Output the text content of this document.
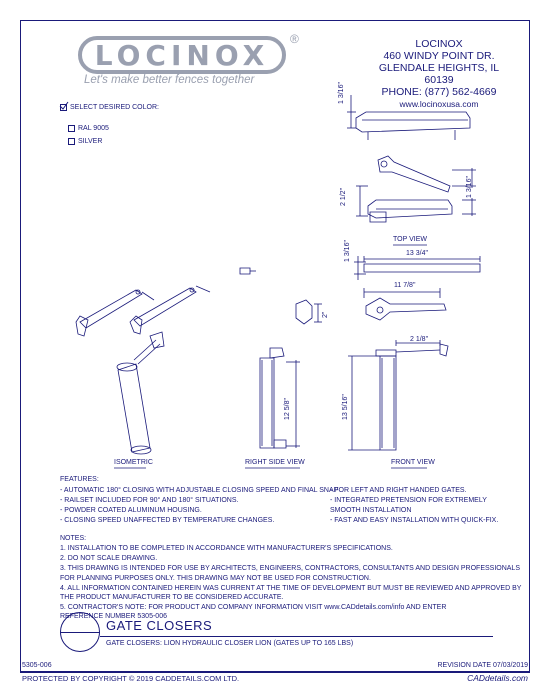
LOCINOX ®
Let's make better fences together
LOCINOX
460 WINDY POINT DR.
GLENDALE HEIGHTS, IL 60139
PHONE: (877) 562-4669
www.locinoxusa.com
SELECT DESIRED COLOR:
RAL 9005
SILVER
1 3/16"
2 1/2"	1 3/16"
1 3/16"	13 3/4"
11 7/8"
2"
12 5/8"
2 1/8"
13 5/16"
TOP VIEW
ISOMETRIC	RIGHT SIDE VIEW	FRONT VIEW
FEATURES:
- AUTOMATIC 180° CLOSING WITH ADJUSTABLE CLOSING SPEED AND FINAL SNAP
- RAILSET INCLUDED FOR 90° AND 180° SITUATIONS.
- POWDER COATED ALUMINUM HOUSING.
- CLOSING SPEED UNAFFECTED BY TEMPERATURE CHANGES.
- FOR LEFT AND RIGHT HANDED GATES.
- INTEGRATED PRETENSION FOR EXTREMELY
SMOOTH INSTALLATION
- FAST AND EASY INSTALLATION WITH QUICK-FIX.
NOTES:
1. INSTALLATION TO BE COMPLETED IN ACCORDANCE WITH MANUFACTURER'S SPECIFICATIONS.
2. DO NOT SCALE DRAWING.
3. THIS DRAWING IS INTENDED FOR USE BY ARCHITECTS, ENGINEERS, CONTRACTORS, CONSULTANTS AND DESIGN PROFESSIONALS
FOR PLANNING PURPOSES ONLY. THIS DRAWING MAY NOT BE USED FOR CONSTRUCTION.
4. ALL INFORMATION CONTAINED HEREIN WAS CURRENT AT THE TIME OF DEVELOPMENT BUT MUST BE REVIEWED AND APPROVED BY
THE PRODUCT MANUFACTURER TO BE CONSIDERED ACCURATE.
5. CONTRACTOR'S NOTE: FOR PRODUCT AND COMPANY INFORMATION VISIT www.CADdetails.com/info AND ENTER
REFERENCE NUMBER 5305-006
GATE CLOSERS
GATE CLOSERS: LION HYDRAULIC CLOSER LION (GATES UP TO 165 LBS)
5305-006	REVISION DATE 07/03/2019
PROTECTED BY COPYRIGHT © 2019 CADDETAILS.COM LTD.	CADdetails.com
